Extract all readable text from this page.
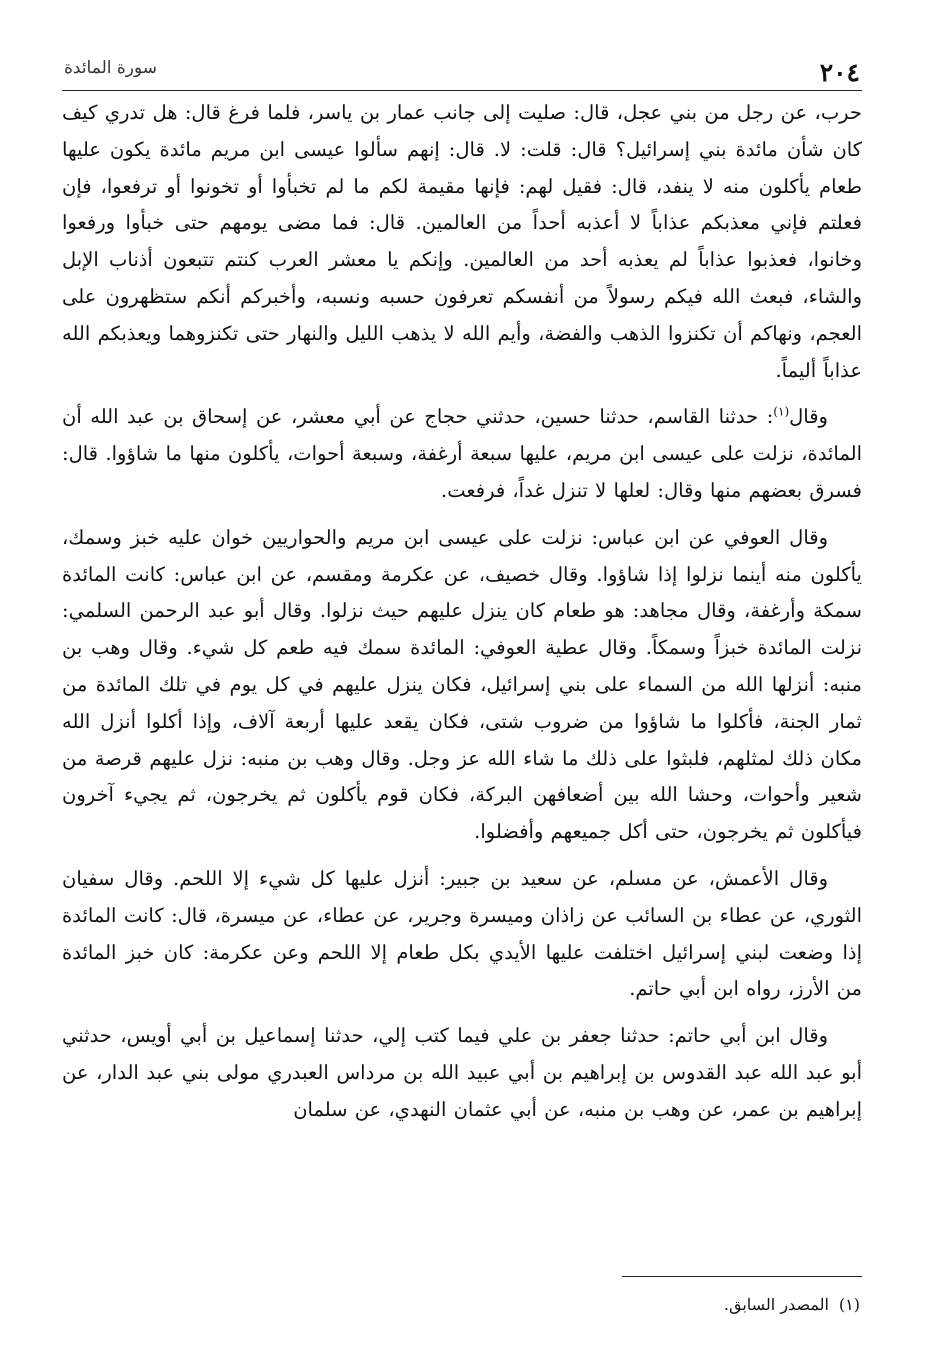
٢٠٤
سورة المائدة

حرب، عن رجل من بني عجل، قال: صليت إلى جانب عمار بن ياسر، فلما فرغ قال: هل تدري كيف كان شأن مائدة بني إسرائيل؟ قال: قلت: لا. قال: إنهم سألوا عيسى ابن مريم مائدة يكون عليها طعام يأكلون منه لا ينفد، قال: فقيل لهم: فإنها مقيمة لكم ما لم تخبأوا أو تخونوا أو ترفعوا، فإن فعلتم فإني معذبكم عذاباً لا أعذبه أحداً من العالمين. قال: فما مضى يومهم حتى خبأوا ورفعوا وخانوا، فعذبوا عذاباً لم يعذبه أحد من العالمين. وإنكم يا معشر العرب كنتم تتبعون أذناب الإبل والشاء، فبعث الله فيكم رسولاً من أنفسكم تعرفون حسبه ونسبه، وأخبركم أنكم ستظهرون على العجم، ونهاكم أن تكنزوا الذهب والفضة، وأيم الله لا يذهب الليل والنهار حتى تكنزوهما ويعذبكم الله عذاباً أليماً.

وقال$^{(١)}$: حدثنا القاسم، حدثنا حسين، حدثني حجاج عن أبي معشر، عن إسحاق بن عبد الله أن المائدة، نزلت على عيسى ابن مريم، عليها سبعة أرغفة، وسبعة أحوات، يأكلون منها ما شاؤوا. قال: فسرق بعضهم منها وقال: لعلها لا تنزل غداً، فرفعت.

وقال العوفي عن ابن عباس: نزلت على عيسى ابن مريم والحواريين خوان عليه خبز وسمك، يأكلون منه أينما نزلوا إذا شاؤوا. وقال خصيف، عن عكرمة ومقسم، عن ابن عباس: كانت المائدة سمكة وأرغفة، وقال مجاهد: هو طعام كان ينزل عليهم حيث نزلوا. وقال أبو عبد الرحمن السلمي: نزلت المائدة خبزاً وسمكاً. وقال عطية العوفي: المائدة سمك فيه طعم كل شيء. وقال وهب بن منبه: أنزلها الله من السماء على بني إسرائيل، فكان ينزل عليهم في كل يوم في تلك المائدة من ثمار الجنة، فأكلوا ما شاؤوا من ضروب شتى، فكان يقعد عليها أربعة آلاف، وإذا أكلوا أنزل الله مكان ذلك لمثلهم، فلبثوا على ذلك ما شاء الله عز وجل. وقال وهب بن منبه: نزل عليهم قرصة من شعير وأحوات، وحشا الله بين أضعافهن البركة، فكان قوم يأكلون ثم يخرجون، ثم يجيء آخرون فيأكلون ثم يخرجون، حتى أكل جميعهم وأفضلوا.

وقال الأعمش، عن مسلم، عن سعيد بن جبير: أنزل عليها كل شيء إلا اللحم. وقال سفيان الثوري، عن عطاء بن السائب عن زاذان وميسرة وجرير، عن عطاء، عن ميسرة، قال: كانت المائدة إذا وضعت لبني إسرائيل اختلفت عليها الأيدي بكل طعام إلا اللحم وعن عكرمة: كان خبز المائدة من الأرز، رواه ابن أبي حاتم.

وقال ابن أبي حاتم: حدثنا جعفر بن علي فيما كتب إلي، حدثنا إسماعيل بن أبي أويس، حدثني أبو عبد الله عبد القدوس بن إبراهيم بن أبي عبيد الله بن مرداس العبدري مولى بني عبد الدار، عن إبراهيم بن عمر، عن وهب بن منبه، عن أبي عثمان النهدي، عن سلمان

(١)المصدر السابق.
